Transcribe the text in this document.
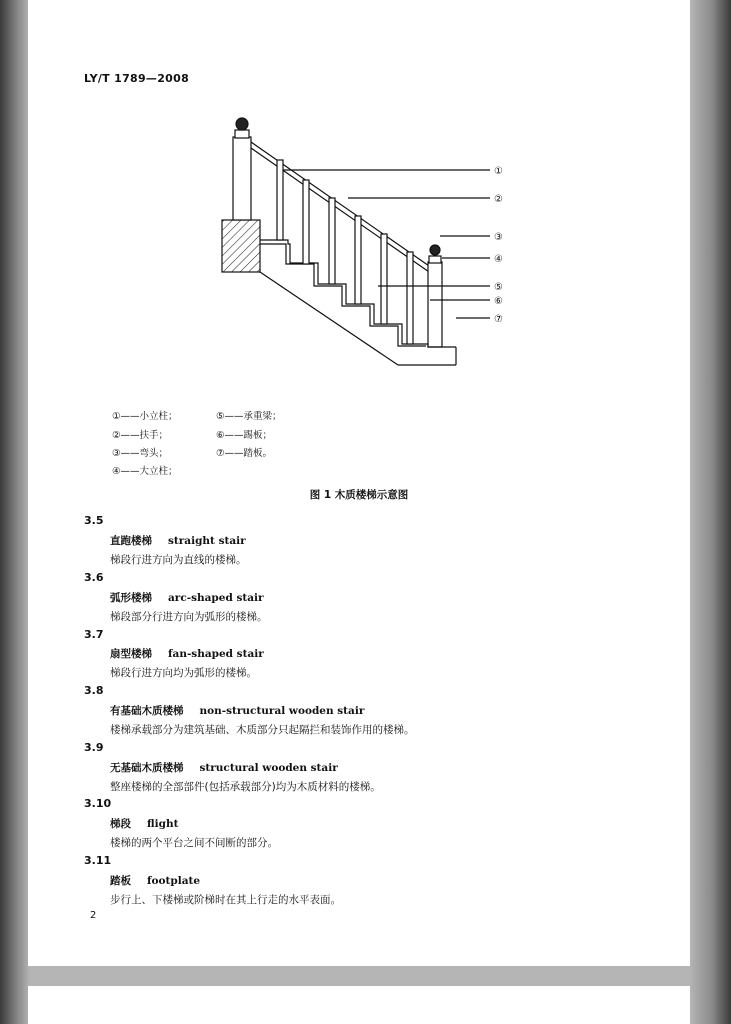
LY/T 1789—2008
①
②
③
④
⑤
⑥
⑦
①——小立柱；
②——扶手；
③——弯头；
④——大立柱；
⑤——承重梁；
⑥——踢板；
⑦——踏板。
图 1 木质楼梯示意图
3.5
直跑楼梯 straight stair
梯段行进方向为直线的楼梯。
3.6
弧形楼梯 arc-shaped stair
梯段部分行进方向为弧形的楼梯。
3.7
扇型楼梯 fan-shaped stair
梯段行进方向均为弧形的楼梯。
3.8
有基础木质楼梯 non-structural wooden stair
楼梯承载部分为建筑基础、木质部分只起隔拦和装饰作用的楼梯。
3.9
无基础木质楼梯 structural wooden stair
整座楼梯的全部部件(包括承载部分)均为木质材料的楼梯。
3.10
梯段 flight
楼梯的两个平台之间不间断的部分。
3.11
踏板 footplate
步行上、下楼梯或阶梯时在其上行走的水平表面。
2
